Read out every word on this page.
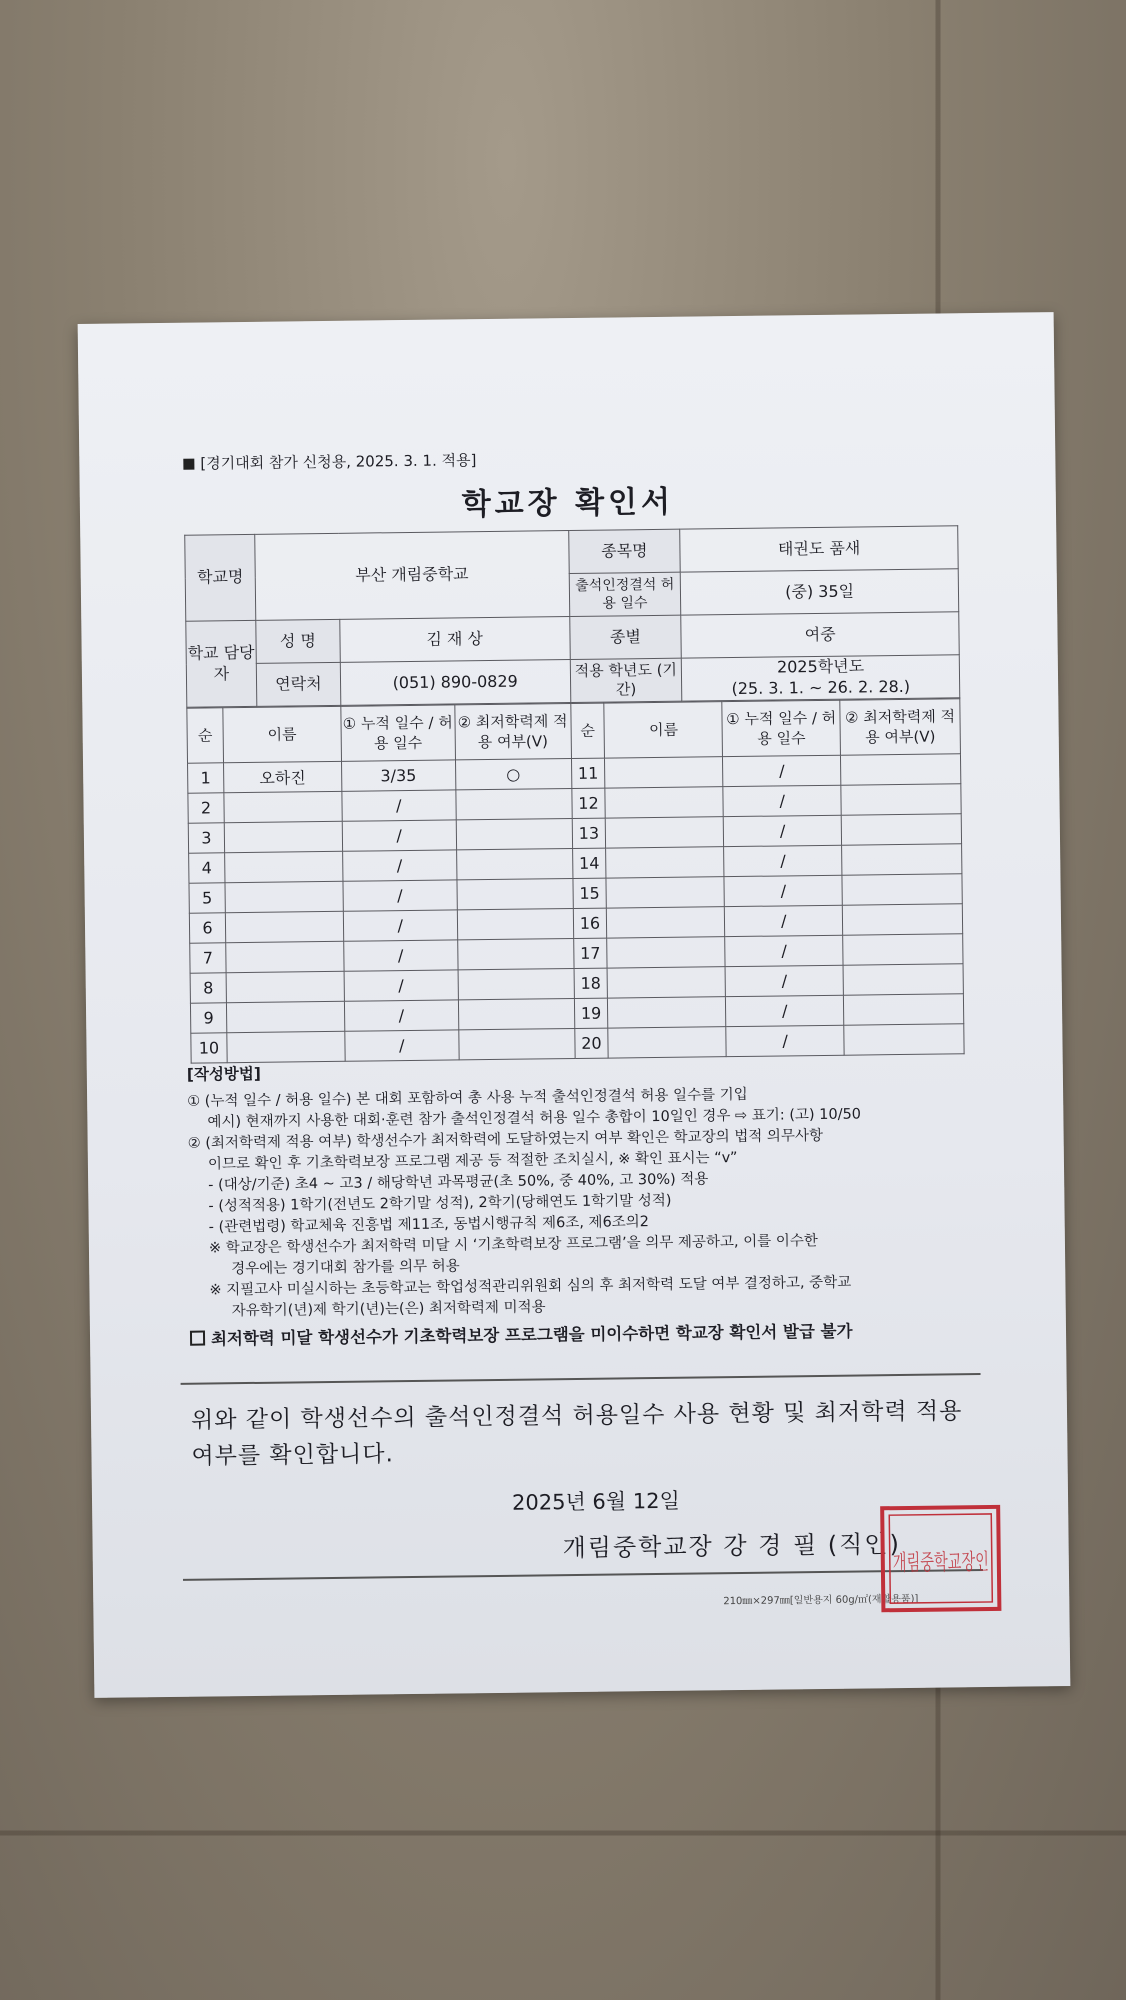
[경기대회 참가 신청용, 2025. 3. 1. 적용]
학교장 확인서
학교명	부산 개림중학교		종목명	태권도 품새
			출석인정결석 허용 일수	(중) 35일
학교 담당자	성 명	김 재 상	종별	여중
	연락처	(051) 890-0829	적용 학년도 (기간)	2025학년도
(25. 3. 1. ~ 26. 2. 28.)
순	이름	① 누적 일수 / 허용 일수	② 최저학력제 적용 여부(V)	순	이름	① 누적 일수 / 허용 일수	② 최저학력제 적용 여부(V)
1	오하진	3/35	○	11		/	
2		/		12		/	
3		/		13		/	
4		/		14		/	
5		/		15		/	
6		/		16		/	
7		/		17		/	
8		/		18		/	
9		/		19		/	
10		/		20		/	
[작성방법]

① (누적 일수 / 허용 일수) 본 대회 포함하여 총 사용 누적 출석인정결석 허용 일수를 기입

예시) 현재까지 사용한 대회·훈련 참가 출석인정결석 허용 일수 총합이 10일인 경우 ⇨ 표기: (고) 10/50

② (최저학력제 적용 여부) 학생선수가 최저학력에 도달하였는지 여부 확인은 학교장의 법적 의무사항

이므로 확인 후 기초학력보장 프로그램 제공 등 적절한 조치실시, ※ 확인 표시는 “v”

- (대상/기준) 초4 ~ 고3 / 해당학년 과목평균(초 50%, 중 40%, 고 30%) 적용

- (성적적용) 1학기(전년도 2학기말 성적), 2학기(당해연도 1학기말 성적)

- (관련법령) 학교체육 진흥법 제11조, 동법시행규칙 제6조, 제6조의2

※ 학교장은 학생선수가 최저학력 미달 시 ‘기초학력보장 프로그램’을 의무 제공하고, 이를 이수한

경우에는 경기대회 참가를 의무 허용

※ 지필고사 미실시하는 초등학교는 학업성적관리위원회 심의 후 최저학력 도달 여부 결정하고, 중학교

자유학기(년)제 학기(년)는(은) 최저학력제 미적용

최저학력 미달 학생선수가 기초학력보장 프로그램을 미이수하면 학교장 확인서 발급 불가
위와 같이 학생선수의 출석인정결석 허용일수 사용 현황 및 최저학력 적용 여부를 확인합니다.
2025년 6월 12일
개림중학교장 강 경 필 (직인)
210㎜×297㎜[일반용지 60g/㎡(재활용품)]
개림중학교장인
